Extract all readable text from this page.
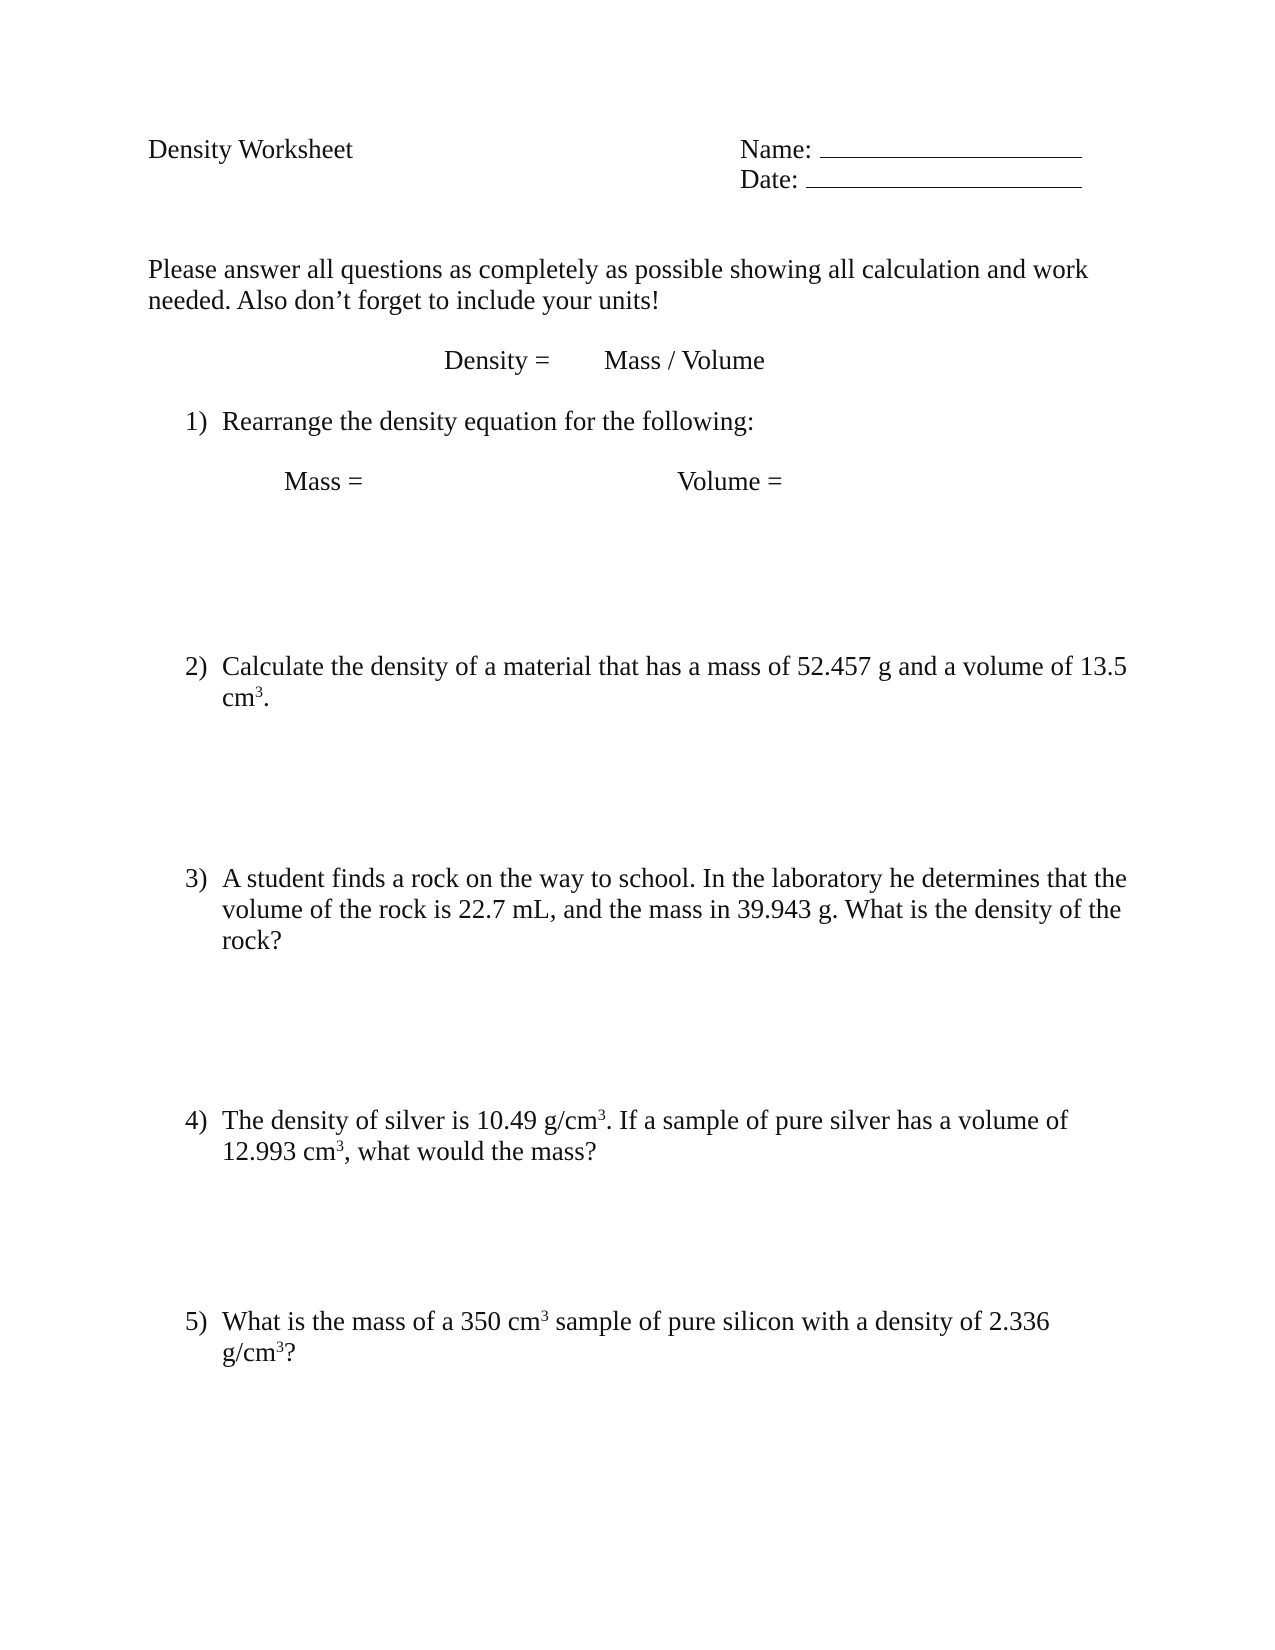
Density Worksheet	Name:
Date:
Please answer all questions as completely as possible showing all calculation and work needed. Also don’t forget to include your units!
Density = Mass / Volume
1) Rearrange the density equation for the following:
Mass =	Volume =
2) Calculate the density of a material that has a mass of 52.457 g and a volume of 13.5 $cm^3$.
3) A student finds a rock on the way to school. In the laboratory he determines that the volume of the rock is 22.7 mL, and the mass in 39.943 g. What is the density of the rock?
4) The density of silver is 10.49 $g/cm^3$. If a sample of pure silver has a volume of 12.993 $cm^3$, what would the mass?
5) What is the mass of a 350 $cm^3$ sample of pure silicon with a density of 2.336 $g/cm^3$?
